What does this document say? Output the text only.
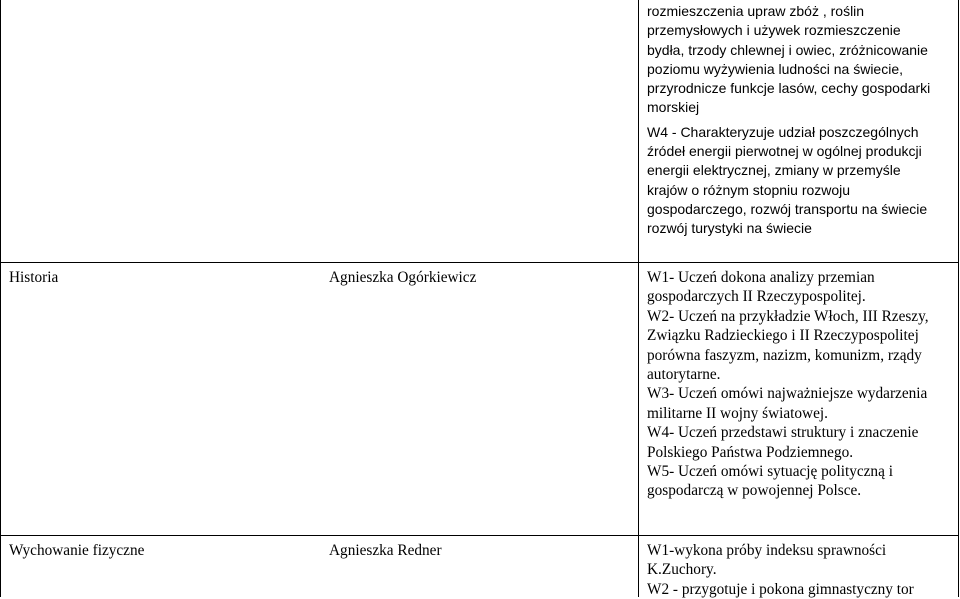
rozmieszczenia upraw zbóż , roślin
przemysłowych i używek rozmieszczenie
bydła, trzody chlewnej i owiec, zróżnicowanie
poziomu wyżywienia ludności na świecie,
przyrodnicze funkcje lasów, cechy gospodarki
morskiej
W4 - Charakteryzuje udział poszczególnych
źródeł energii pierwotnej w ogólnej produkcji
energii elektrycznej, zmiany w przemyśle
krajów o różnym stopniu rozwoju
gospodarczego, rozwój transportu na świecie
rozwój turystyki na świecie
Historia	Agnieszka Ogórkiewicz	W1- Uczeń dokona analizy przemian
gospodarczych II Rzeczypospolitej.
W2- Uczeń na przykładzie Włoch, III Rzeszy,
Związku Radzieckiego i II Rzeczypospolitej
porówna faszyzm, nazizm, komunizm, rządy
autorytarne.
W3- Uczeń omówi najważniejsze wydarzenia
militarne II wojny światowej.
W4- Uczeń przedstawi struktury i znaczenie
Polskiego Państwa Podziemnego.
W5- Uczeń omówi sytuację polityczną i
gospodarczą w powojennej Polsce.
Wychowanie fizyczne	Agnieszka Redner	W1-wykona próby indeksu sprawności
K.Zuchory.
W2 - przygotuje i pokona gimnastyczny tor
